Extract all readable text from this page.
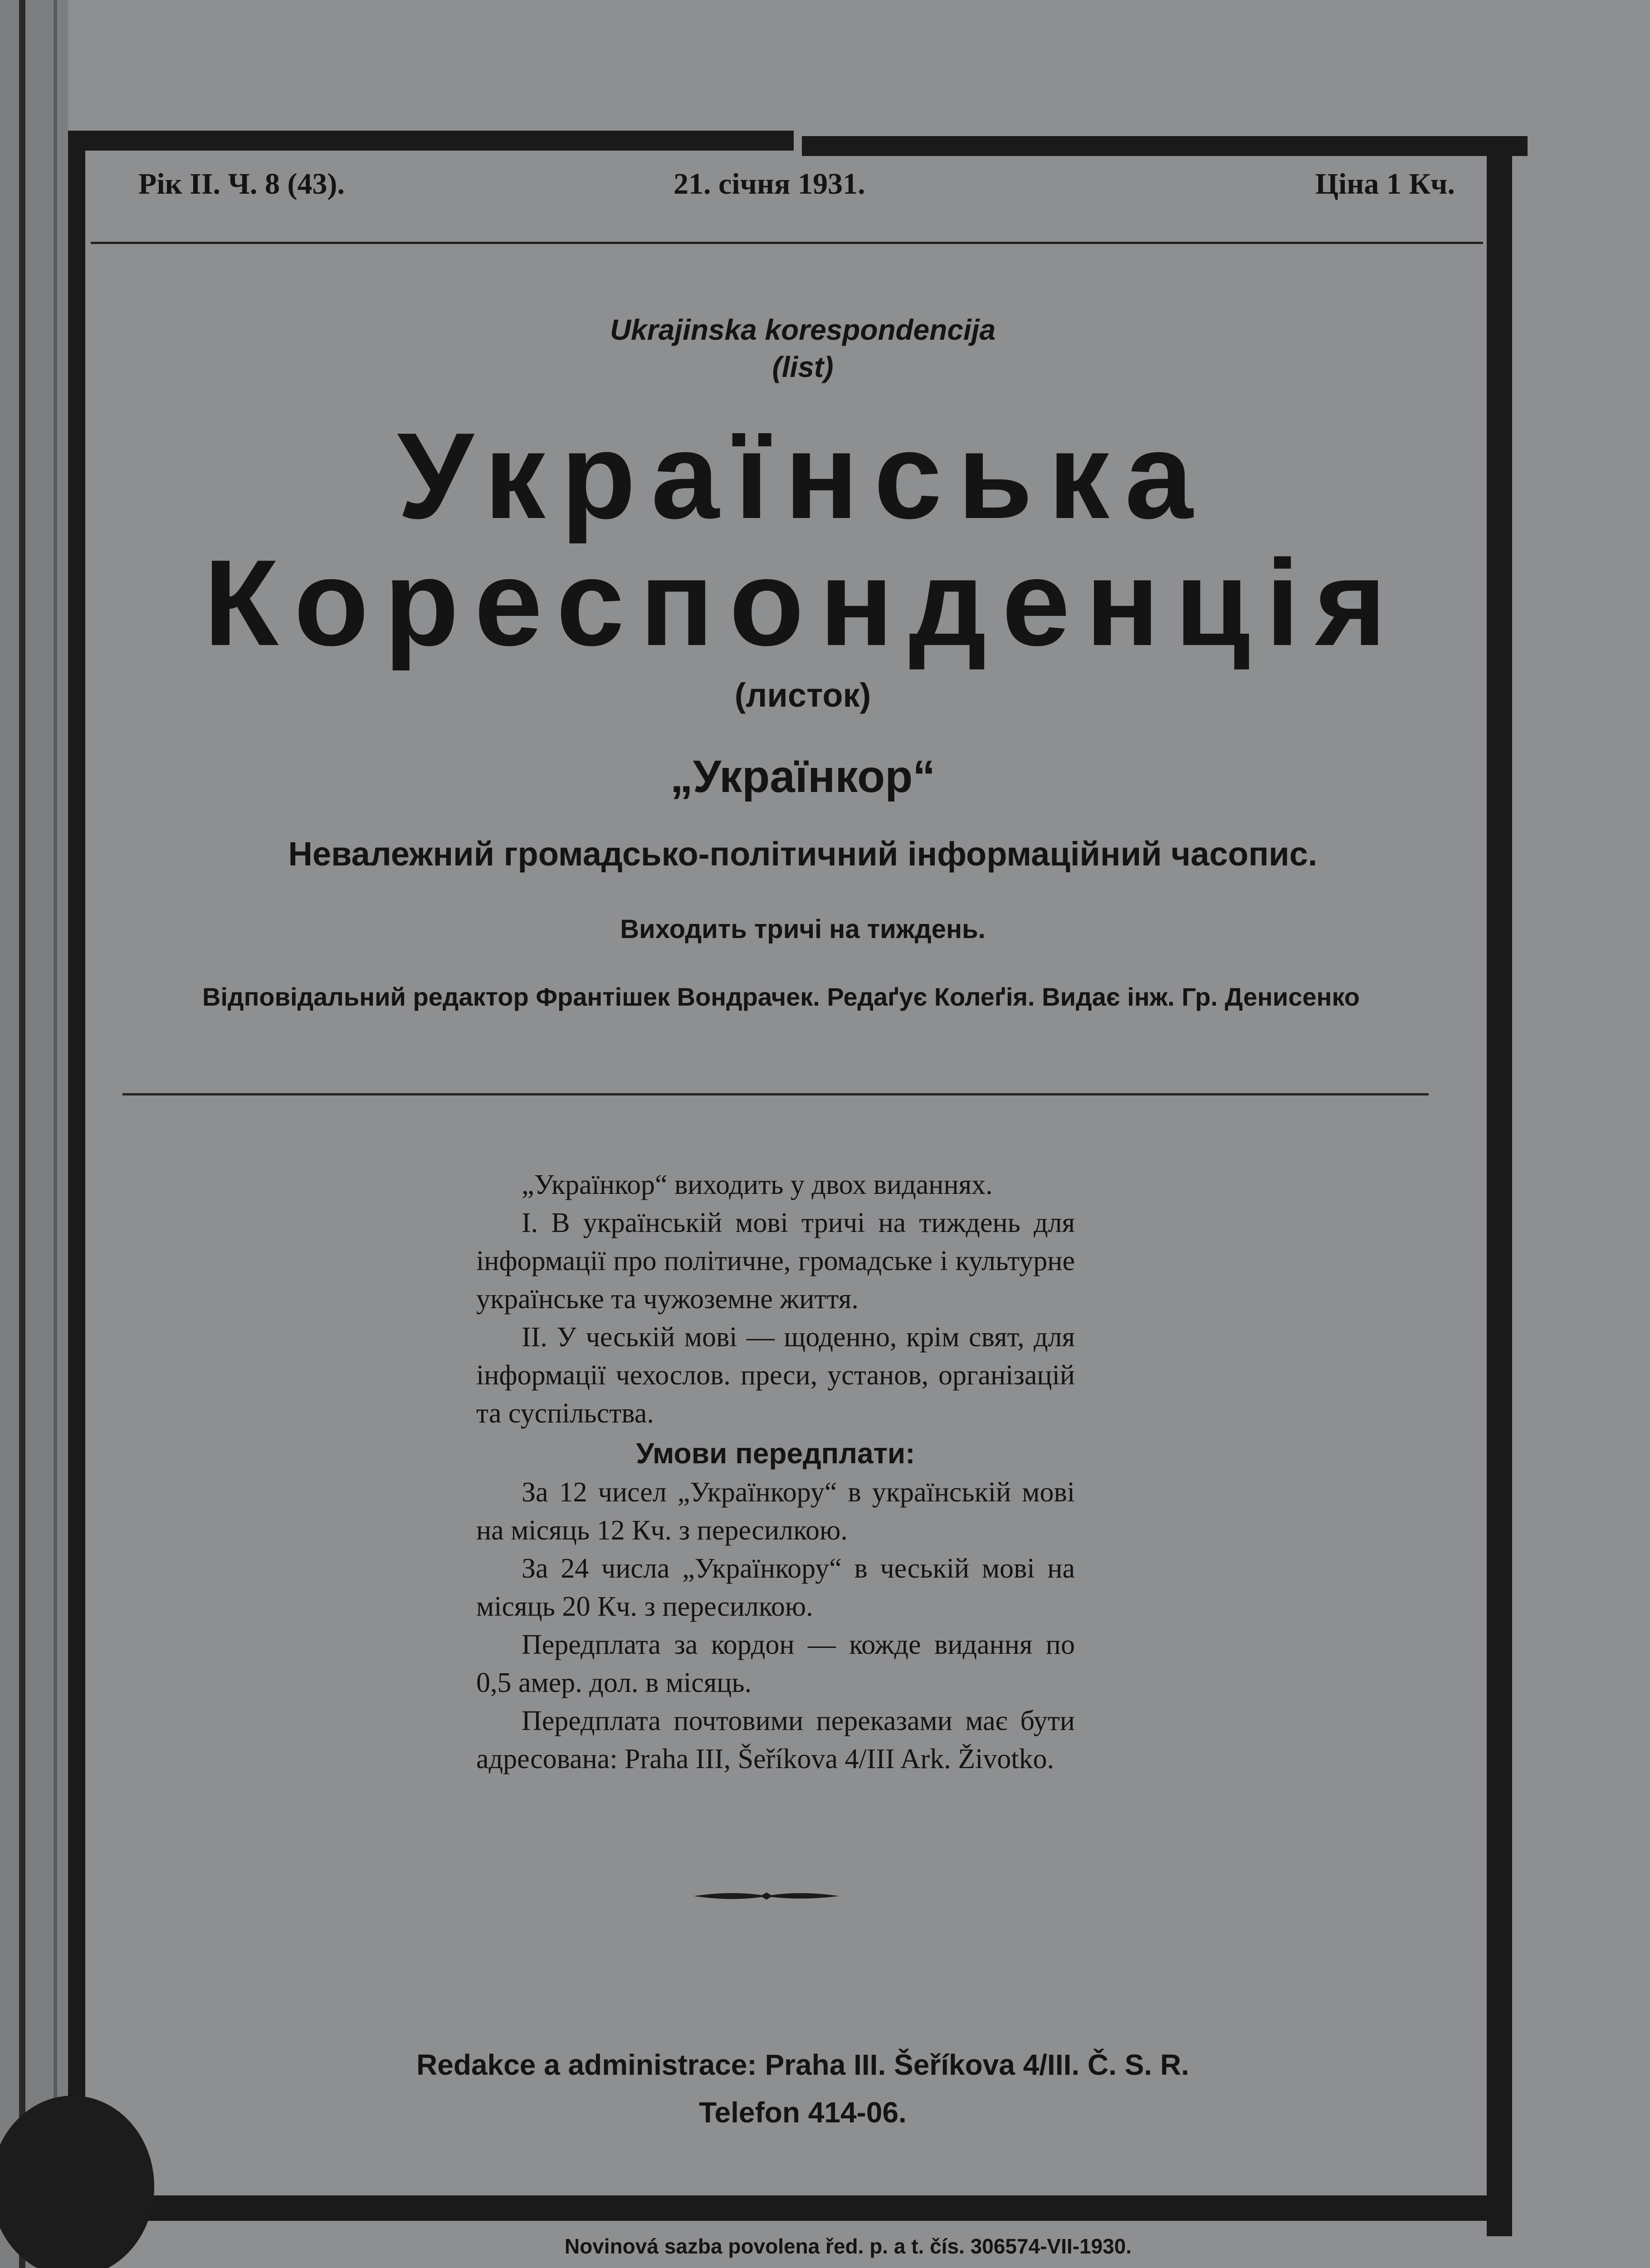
Рік II. Ч. 8 (43).	21. січня 1931.	Ціна 1 Кч.
Ukrajinska korespondencija
(list)
Українська
Кореспонденція
(листок)
„Українкор“
Невалежний громадсько-політичний інформаційний часопис.
Виходить тричі на тиждень.
Відповідальний редактор Франтішек Вондрачек. Редаґує Колеґія. Видає інж. Гр. Денисенко

„Українкор“ виходить у двох виданнях.

I. В українській мові тричі на тиждень для інформації про політичне, громадське і культурне українське та чужоземне життя.

II. У чеській мові — щоденно, крім свят, для інформації чехослов. преси, установ, організацій та суспільства.

Умови передплати:

За 12 чисел „Українкору“ в українській мові на місяць 12 Кч. з пересилкою.

За 24 числа „Українкору“ в чеській мові на місяць 20 Кч. з пересилкою.

Передплата за кордон — кожде видання по 0,5 амер. дол. в місяць.

Передплата почтовими переказами має бути адресована: Praha III, Šeříkova 4/III Ark. Životko.

Redakce a administrace: Praha III. Šeříkova 4/III. Č. S. R.
Telefon 414-06.
Novinová sazba povolena řed. p. a t. čís. 306574-VII-1930.
